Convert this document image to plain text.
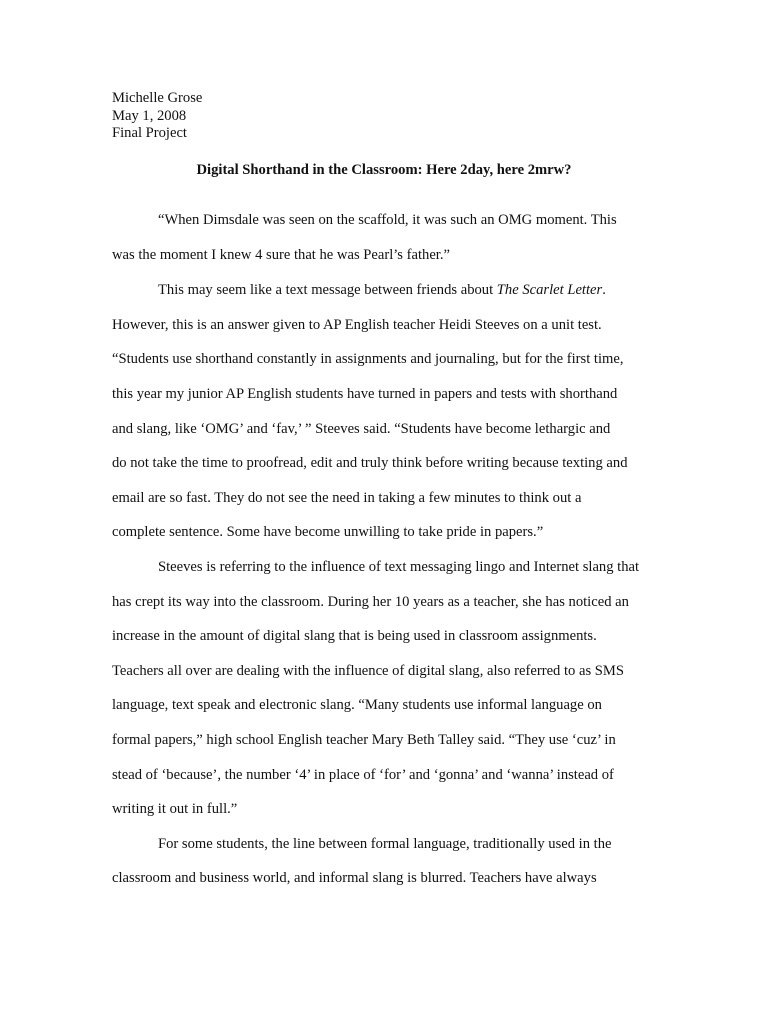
Michelle Grose
May 1, 2008
Final Project
Digital Shorthand in the Classroom: Here 2day, here 2mrw?
“When Dimsdale was seen on the scaffold, it was such an OMG moment. This
was the moment I knew 4 sure that he was Pearl’s father.”
This may seem like a text message between friends about The Scarlet Letter.
However, this is an answer given to AP English teacher Heidi Steeves on a unit test.
“Students use shorthand constantly in assignments and journaling, but for the first time,
this year my junior AP English students have turned in papers and tests with shorthand
and slang, like ‘OMG’ and ‘fav,’ ” Steeves said. “Students have become lethargic and
do not take the time to proofread, edit and truly think before writing because texting and
email are so fast. They do not see the need in taking a few minutes to think out a
complete sentence. Some have become unwilling to take pride in papers.”
Steeves is referring to the influence of text messaging lingo and Internet slang that
has crept its way into the classroom. During her 10 years as a teacher, she has noticed an
increase in the amount of digital slang that is being used in classroom assignments.
Teachers all over are dealing with the influence of digital slang, also referred to as SMS
language, text speak and electronic slang. “Many students use informal language on
formal papers,” high school English teacher Mary Beth Talley said. “They use ‘cuz’ in
stead of ‘because’, the number ‘4’ in place of ‘for’ and ‘gonna’ and ‘wanna’ instead of
writing it out in full.”
For some students, the line between formal language, traditionally used in the
classroom and business world, and informal slang is blurred. Teachers have always
